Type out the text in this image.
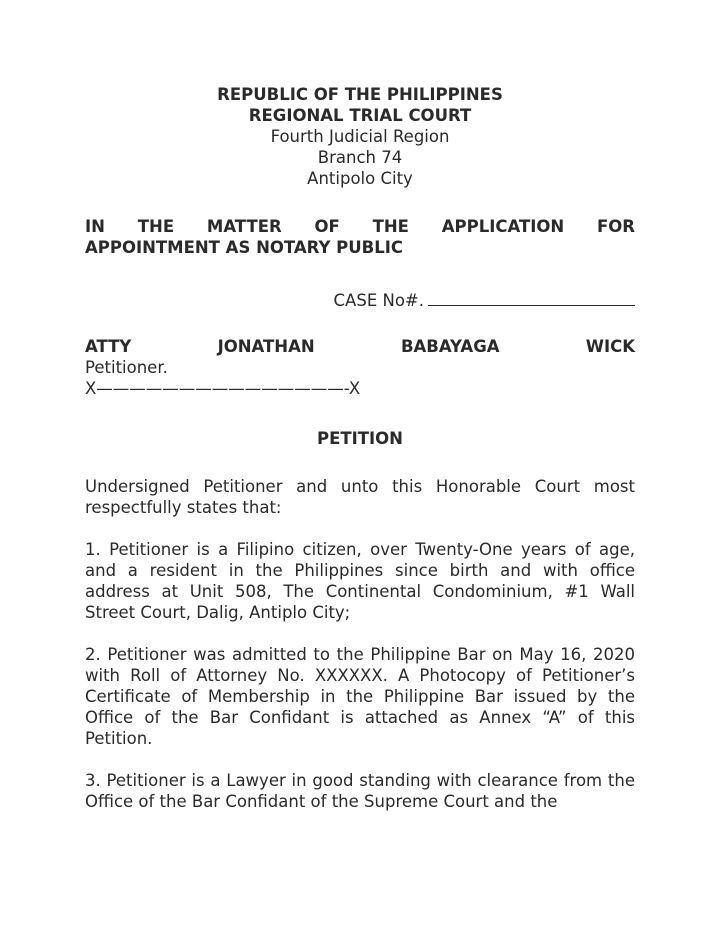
REPUBLIC OF THE PHILIPPINES
REGIONAL TRIAL COURT
Fourth Judicial Region
Branch 74
Antipolo City
IN THE MATTER OF THE APPLICATION FOR
APPOINTMENT AS NOTARY PUBLIC
CASE No#.
ATTY	JONATHAN	BABAYAGA	WICK
Petitioner.
X———————————————-X
PETITION
Undersigned Petitioner and unto this Honorable Court most respectfully states that:
1. Petitioner is a Filipino citizen, over Twenty-One years of age, and a resident in the Philippines since birth and with office address at Unit 508, The Continental Condominium, #1 Wall Street Court, Dalig, Antiplo City;
2. Petitioner was admitted to the Philippine Bar on May 16, 2020 with Roll of Attorney No. XXXXXX. A Photocopy of Petitioner’s Certificate of Membership in the Philippine Bar issued by the Office of the Bar Confidant is attached as Annex “A” of this Petition.
3. Petitioner is a Lawyer in good standing with clearance from the Office of the Bar Confidant of the Supreme Court and the
